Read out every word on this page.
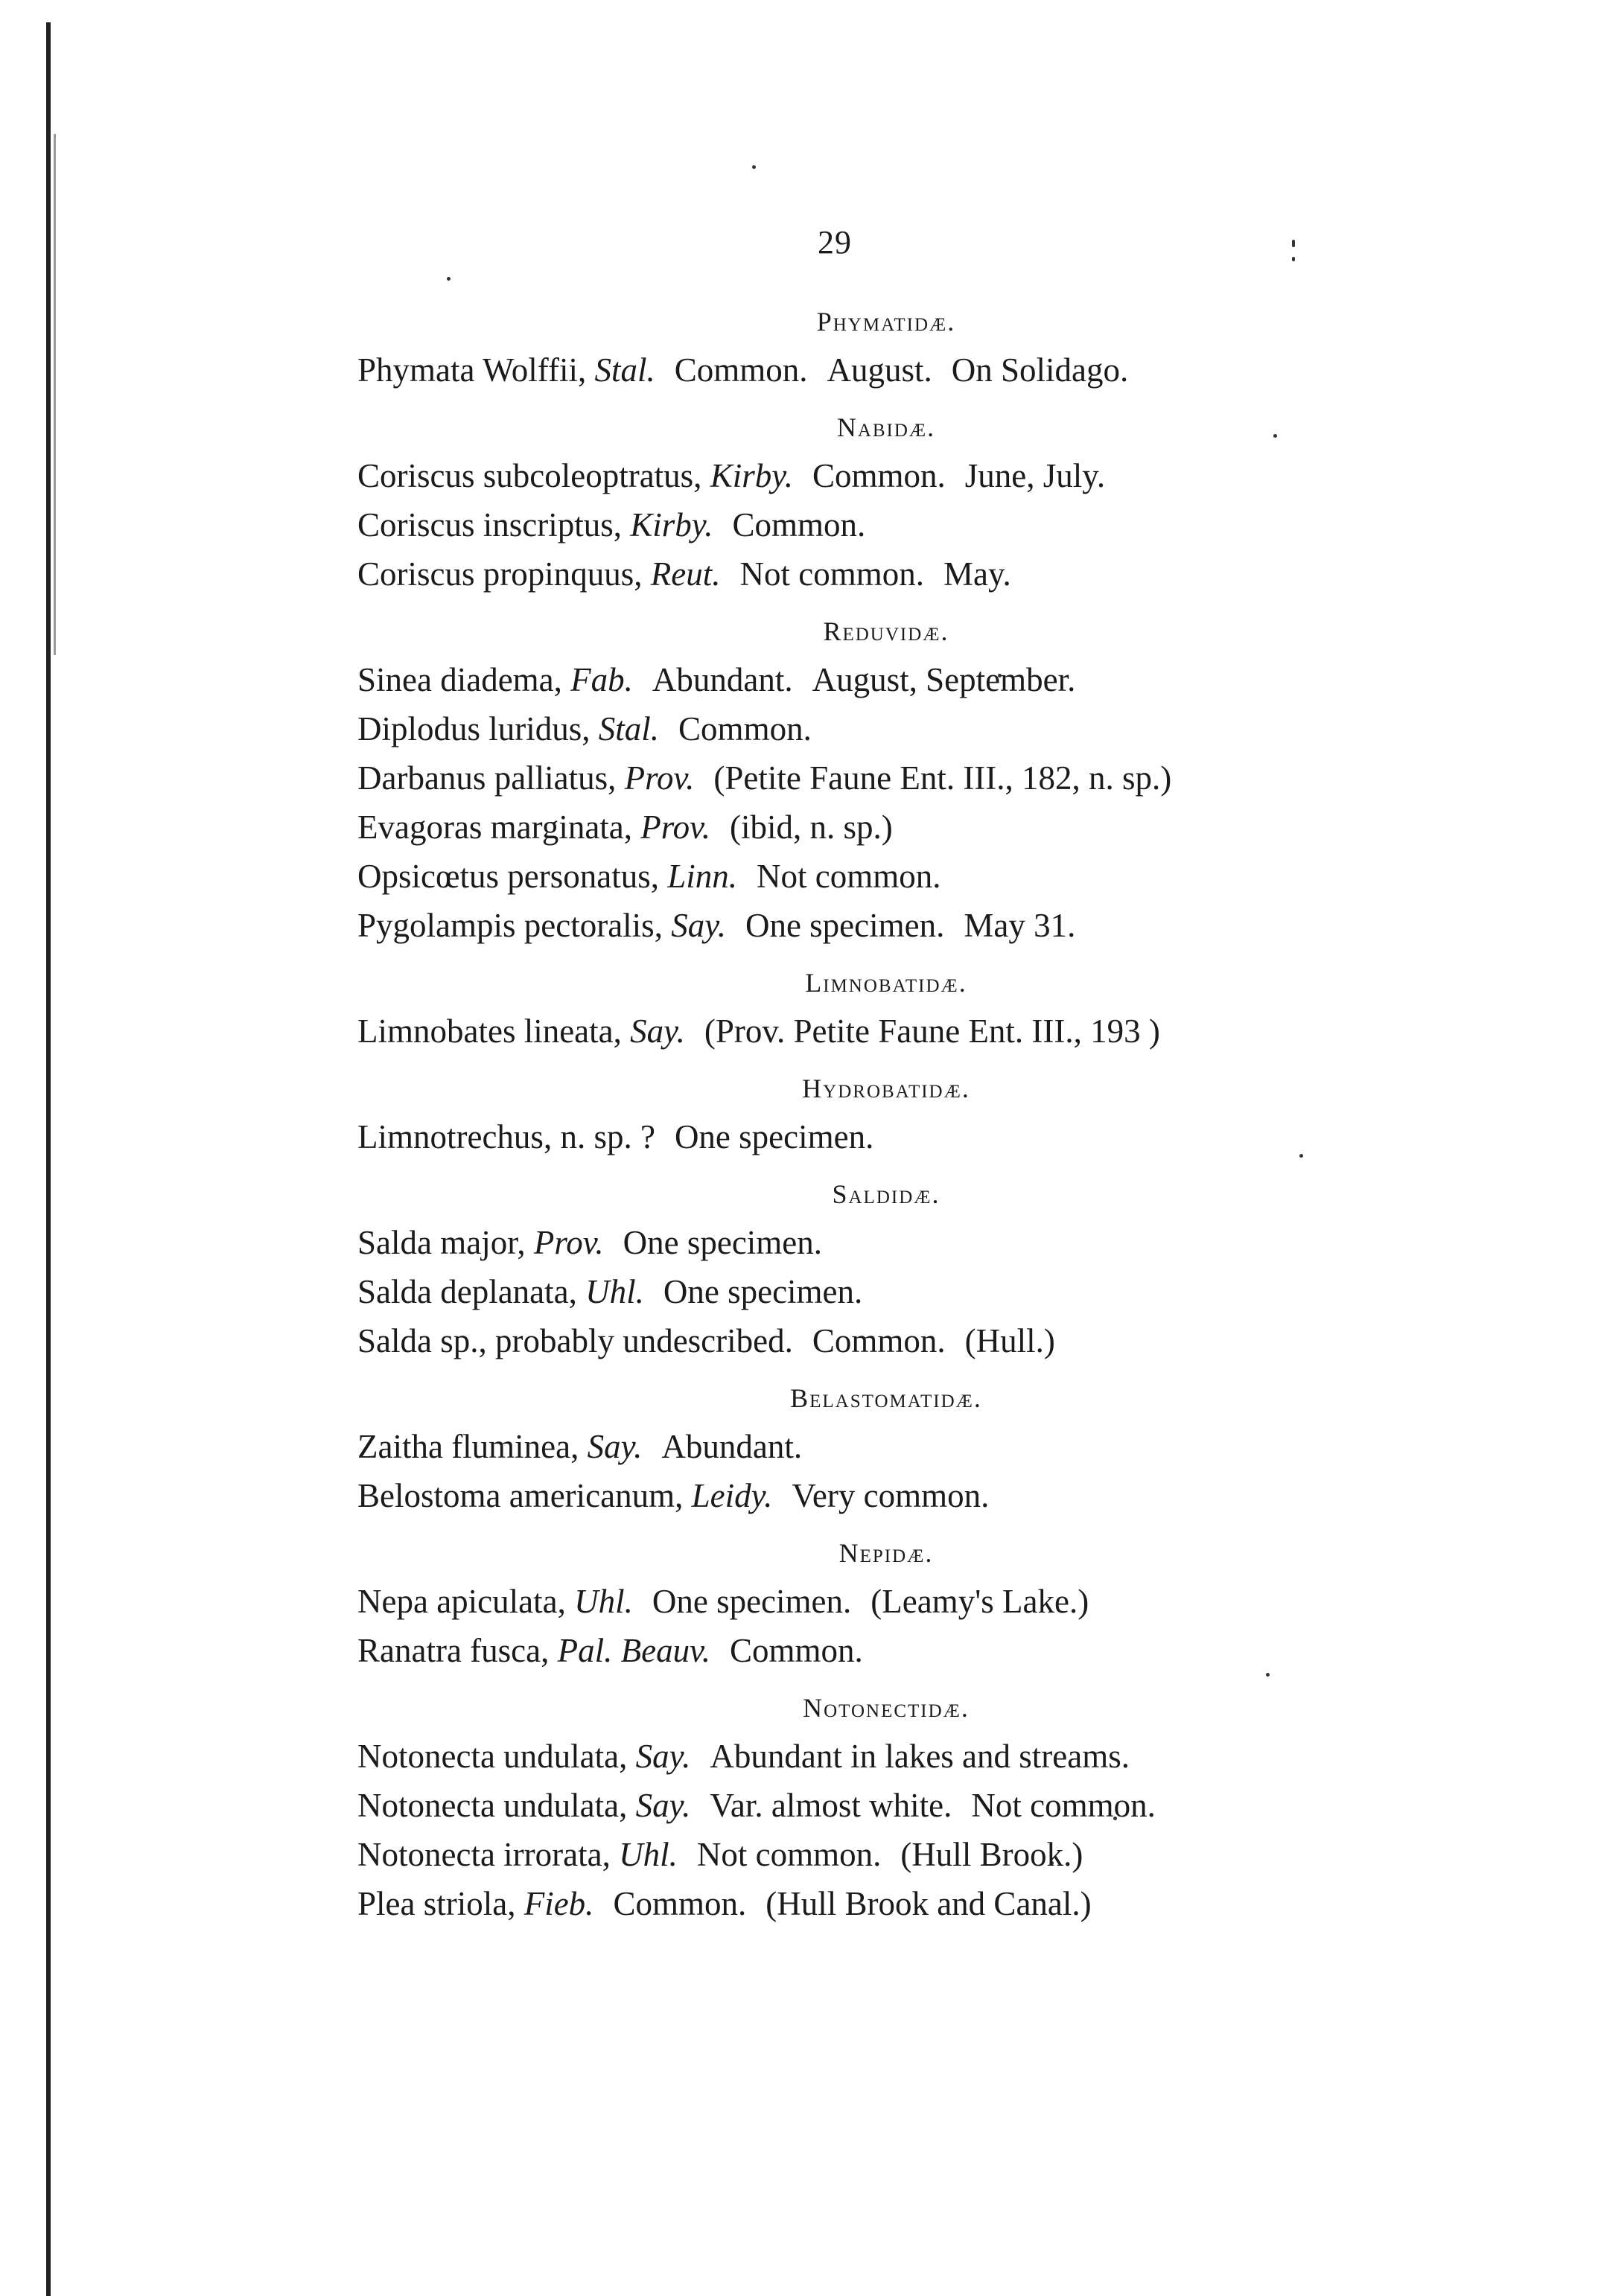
29

Phymatidæ.

Phymata Wolffii, Stal. Common. August. On Solidago.

Nabidæ.

Coriscus subcoleoptratus, Kirby. Common. June, July.

Coriscus inscriptus, Kirby. Common.

Coriscus propinquus, Reut. Not common. May.

Reduvidæ.

Sinea diadema, Fab. Abundant. August, September.

Diplodus luridus, Stal. Common.

Darbanus palliatus, Prov. (Petite Faune Ent. III., 182, n. sp.)

Evagoras marginata, Prov. (ibid, n. sp.)

Opsicœtus personatus, Linn. Not common.

Pygolampis pectoralis, Say. One specimen. May 31.

Limnobatidæ.

Limnobates lineata, Say. (Prov. Petite Faune Ent. III., 193 )

Hydrobatidæ.

Limnotrechus, n. sp. ? One specimen.

Saldidæ.

Salda major, Prov. One specimen.

Salda deplanata, Uhl. One specimen.

Salda sp., probably undescribed. Common. (Hull.)

Belastomatidæ.

Zaitha fluminea, Say. Abundant.

Belostoma americanum, Leidy. Very common.

Nepidæ.

Nepa apiculata, Uhl. One specimen. (Leamy's Lake.)

Ranatra fusca, Pal. Beauv. Common.

Notonectidæ.

Notonecta undulata, Say. Abundant in lakes and streams.

Notonecta undulata, Say. Var. almost white. Not common.

Notonecta irrorata, Uhl. Not common. (Hull Brook.)

Plea striola, Fieb. Common. (Hull Brook and Canal.)
